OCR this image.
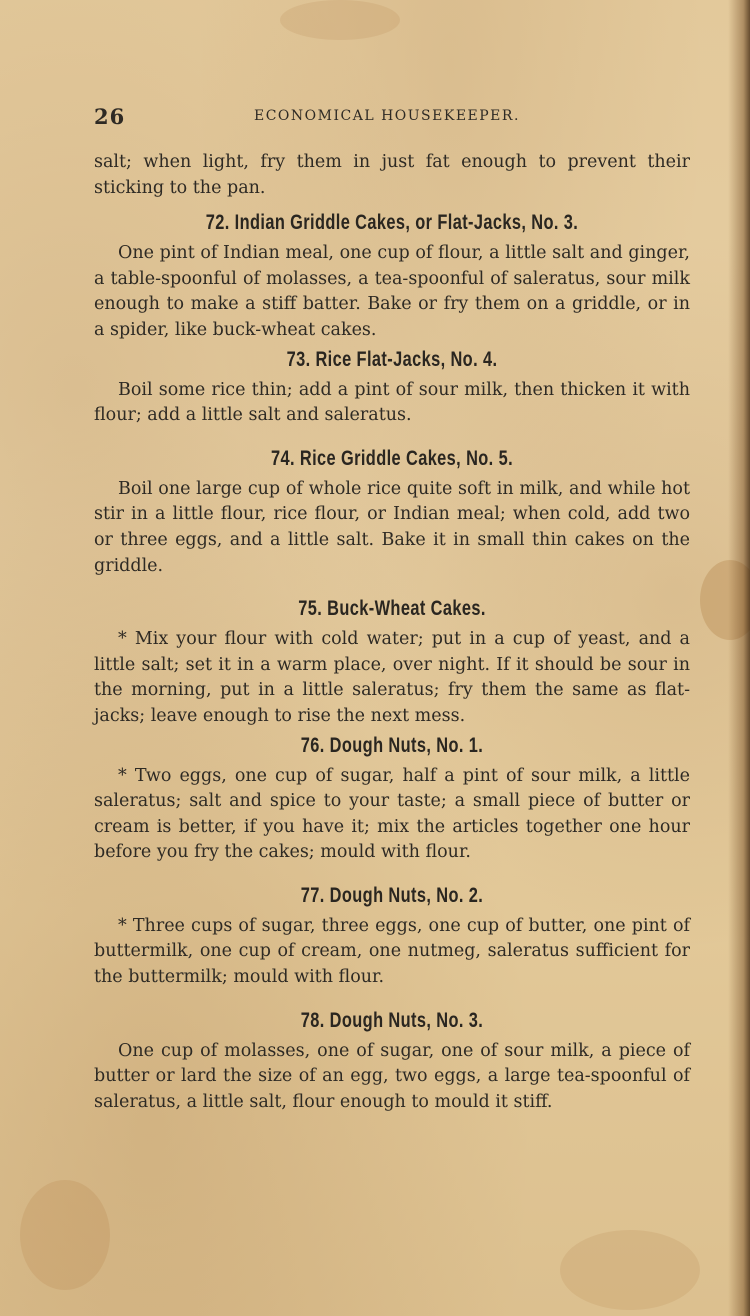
26	ECONOMICAL HOUSEKEEPER.

salt; when light, fry them in just fat enough to prevent their sticking to the pan.

72. Indian Griddle Cakes, or Flat-Jacks, No. 3.

One pint of Indian meal, one cup of flour, a little salt and ginger, a table-spoonful of molasses, a tea-spoonful of saleratus, sour milk enough to make a stiff batter. Bake or fry them on a griddle, or in a spider, like buck-wheat cakes.

73. Rice Flat-Jacks, No. 4.

Boil some rice thin; add a pint of sour milk, then thicken it with flour; add a little salt and saleratus.

74. Rice Griddle Cakes, No. 5.

Boil one large cup of whole rice quite soft in milk, and while hot stir in a little flour, rice flour, or Indian meal; when cold, add two or three eggs, and a little salt. Bake it in small thin cakes on the griddle.

75. Buck-Wheat Cakes.

* Mix your flour with cold water; put in a cup of yeast, and a little salt; set it in a warm place, over night. If it should be sour in the morning, put in a little saleratus; fry them the same as flat-jacks; leave enough to rise the next mess.

76. Dough Nuts, No. 1.

* Two eggs, one cup of sugar, half a pint of sour milk, a little saleratus; salt and spice to your taste; a small piece of butter or cream is better, if you have it; mix the articles together one hour before you fry the cakes; mould with flour.

77. Dough Nuts, No. 2.

* Three cups of sugar, three eggs, one cup of butter, one pint of buttermilk, one cup of cream, one nutmeg, saleratus sufficient for the buttermilk; mould with flour.

78. Dough Nuts, No. 3.

One cup of molasses, one of sugar, one of sour milk, a piece of butter or lard the size of an egg, two eggs, a large tea-spoonful of saleratus, a little salt, flour enough to mould it stiff.
